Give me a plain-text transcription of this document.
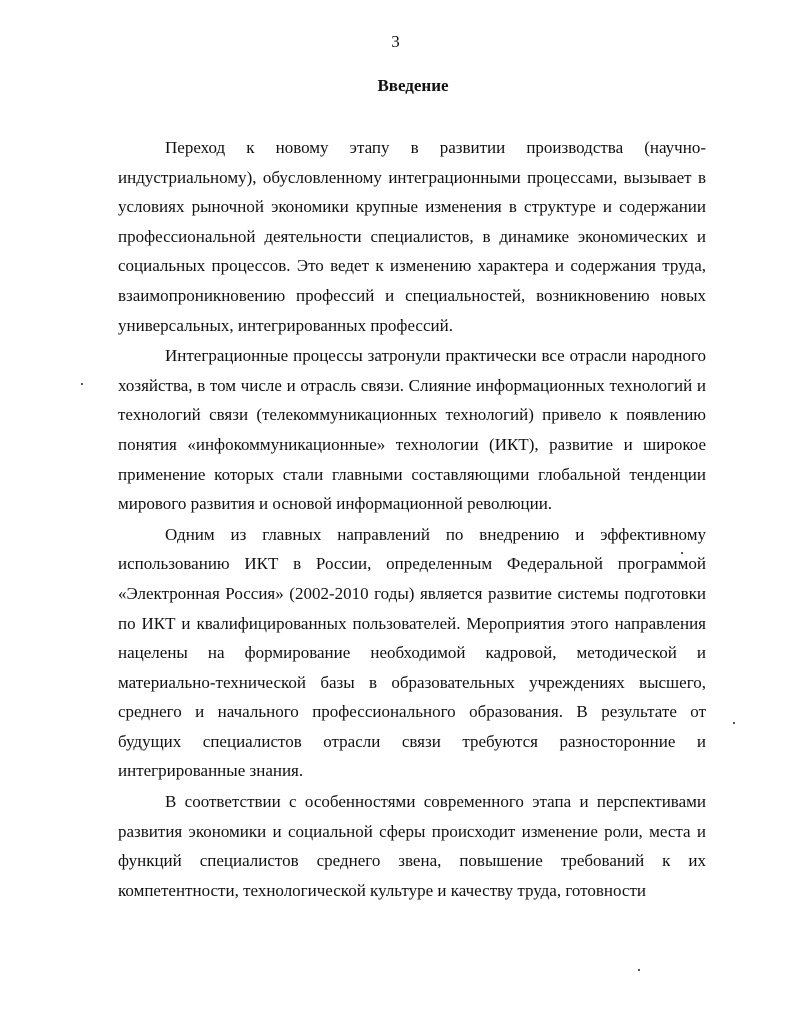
3
Введение

Переход к новому этапу в развитии производства (научно-индустриальному), обусловленному интеграционными процессами, вызывает в условиях рыночной экономики крупные изменения в структуре и содержании профессиональной деятельности специалистов, в динамике экономических и социальных процессов. Это ведет к изменению характера и содержания труда, взаимопроникновению профессий и специальностей, возникновению новых универсальных, интегрированных профессий.

Интеграционные процессы затронули практически все отрасли народного хозяйства, в том числе и отрасль связи. Слияние информационных технологий и технологий связи (телекоммуникационных технологий) привело к появлению понятия «инфокоммуникационные» технологии (ИКТ), развитие и широкое применение которых стали главными составляющими глобальной тенденции мирового развития и основой информационной революции.

Одним из главных направлений по внедрению и эффективному использованию ИКТ в России, определенным Федеральной программой «Электронная Россия» (2002-2010 годы) является развитие системы подготовки по ИКТ и квалифицированных пользователей. Мероприятия этого направления нацелены на формирование необходимой кадровой, методической и материально-технической базы в образовательных учреждениях высшего, среднего и начального профессионального образования. В результате от будущих специалистов отрасли связи требуются разносторонние и интегрированные знания.

В соответствии с особенностями современного этапа и перспективами развития экономики и социальной сферы происходит изменение роли, места и функций специалистов среднего звена, повышение требований к их компетентности, технологической культуре и качеству труда, готовности
